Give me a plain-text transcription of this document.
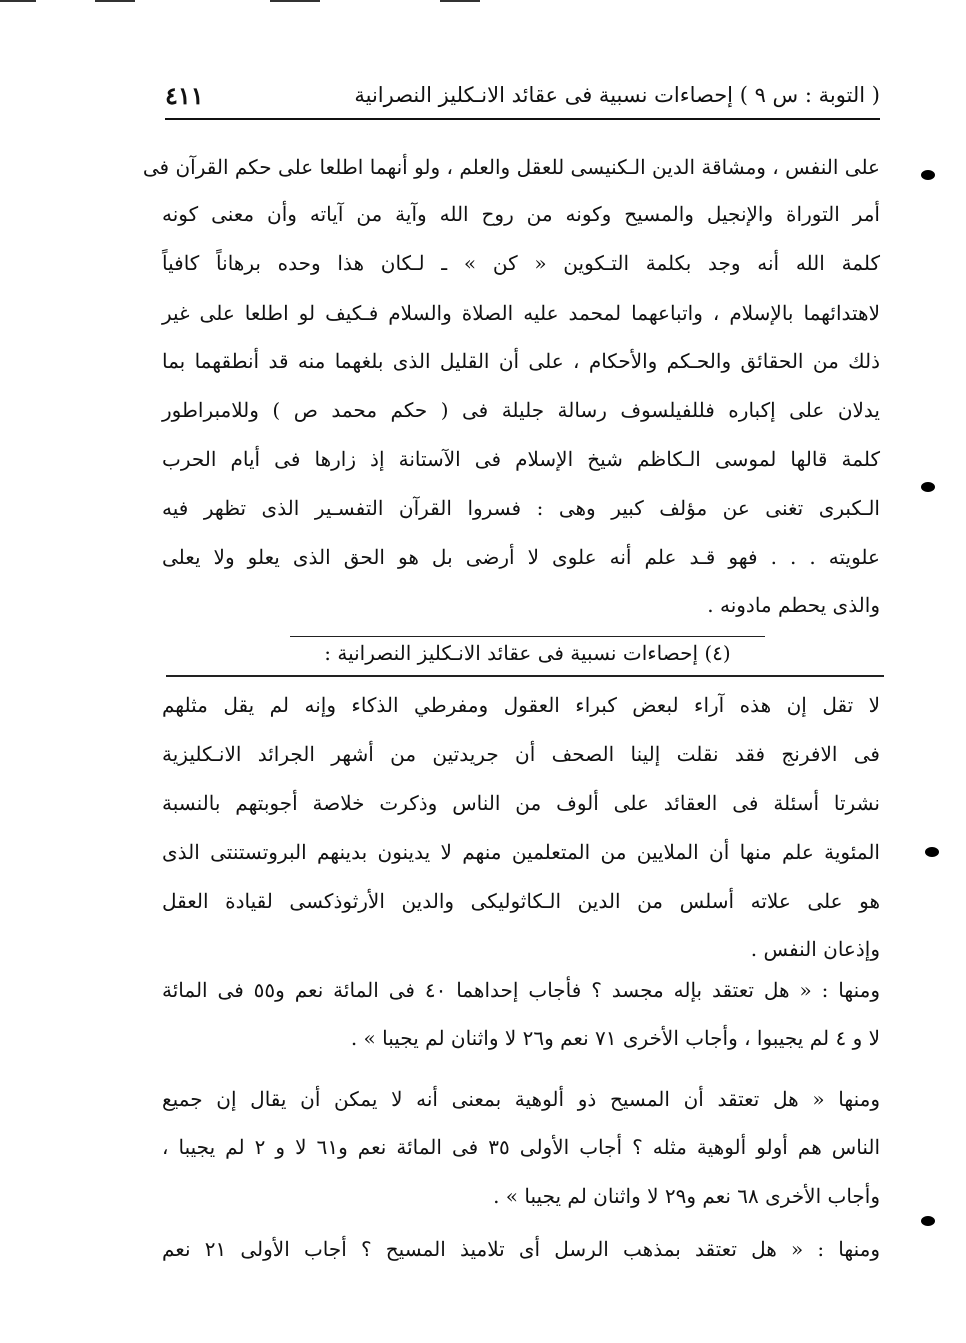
( التوبة : س ٩ ) إحصاءات نسبية فى عقائد الانـكليز النصرانية
٤١١
على النفس ، ومشاقة الدين الـكنيسى للعقل والعلم ، ولو أنهما اطلعا على حكم القرآن فى
أمر التوراة والإنجيل والمسيح وكونه من روح الله وآية من آياته وأن معنى كونه
كلمة الله أنه وجد بكلمة التـكوين « كن » ـ لـكان هذا وحده برهاناً كافياً
لاهتدائهما بالإسلام ، واتباعهما لمحمد عليه الصلاة والسلام فـكيف لو اطلعا على غير
ذلك من الحقائق والحـكم والأحكام ، على أن القليل الذى بلغهما منه قد أنطقهما بما
يدلان على إكباره فللفيلسوف رسالة جليلة فى ( حكم محمد ص ) وللامبراطور
كلمة قالها لموسى الـكاظم شيخ الإسلام فى الآستانة إذ زارها فى أيام الحرب
الـكبرى تغنى عن مؤلف كبير وهى : فسروا القرآن التفسـير الذى تظهر فيه
علويته . . . فهو قـد علم أنه علوى لا أرضى بل هو الحق الذى يعلو ولا يعلى
والذى يحطم مادونه .
(٤) إحصاءات نسبية فى عقائد الانـكليز النصرانية :
لا تقل إن هذه آراء لبعض كبراء العقول ومفرطي الذكاء وإنه لم يقل مثلهم
فى الافرنج فقد نقلت إلينا الصحف أن جريدتين من أشهر الجرائد الانـكليزية
نشرتا أسئلة فى العقائد على ألوف من الناس وذكرت خلاصة أجوبتهم بالنسبة
المئوية علم منها أن الملايين من المتعلمين منهم لا يدينون بدينهم البروتستنتى الذى
هو على علاته أسلس من الدين الـكاثوليكى والدين الأرثوذكسى لقيادة العقل
وإذعان النفس .
ومنها : « هل تعتقد بإله مجسد ؟ فأجاب إحداهما ٤٠ فى المائة نعم و٥٥ فى المائة
لا و ٤ لم يجيبوا ، وأجاب الأخرى ٧١ نعم و٢٦ لا واثنان لم يجيبا » .
ومنها « هل تعتقد أن المسيح ذو ألوهية بمعنى أنه لا يمكن أن يقال إن جميع
الناس هم أولو ألوهية مثله ؟ أجاب الأولى ٣٥ فى المائة نعم و٦١ لا و ٢ لم يجيبا ،
وأجاب الأخرى ٦٨ نعم و٢٩ لا واثنان لم يجيبا » .
ومنها : « هل تعتقد بمذهب الرسل أى تلاميذ المسيح ؟ أجاب الأولى ٢١ نعم
